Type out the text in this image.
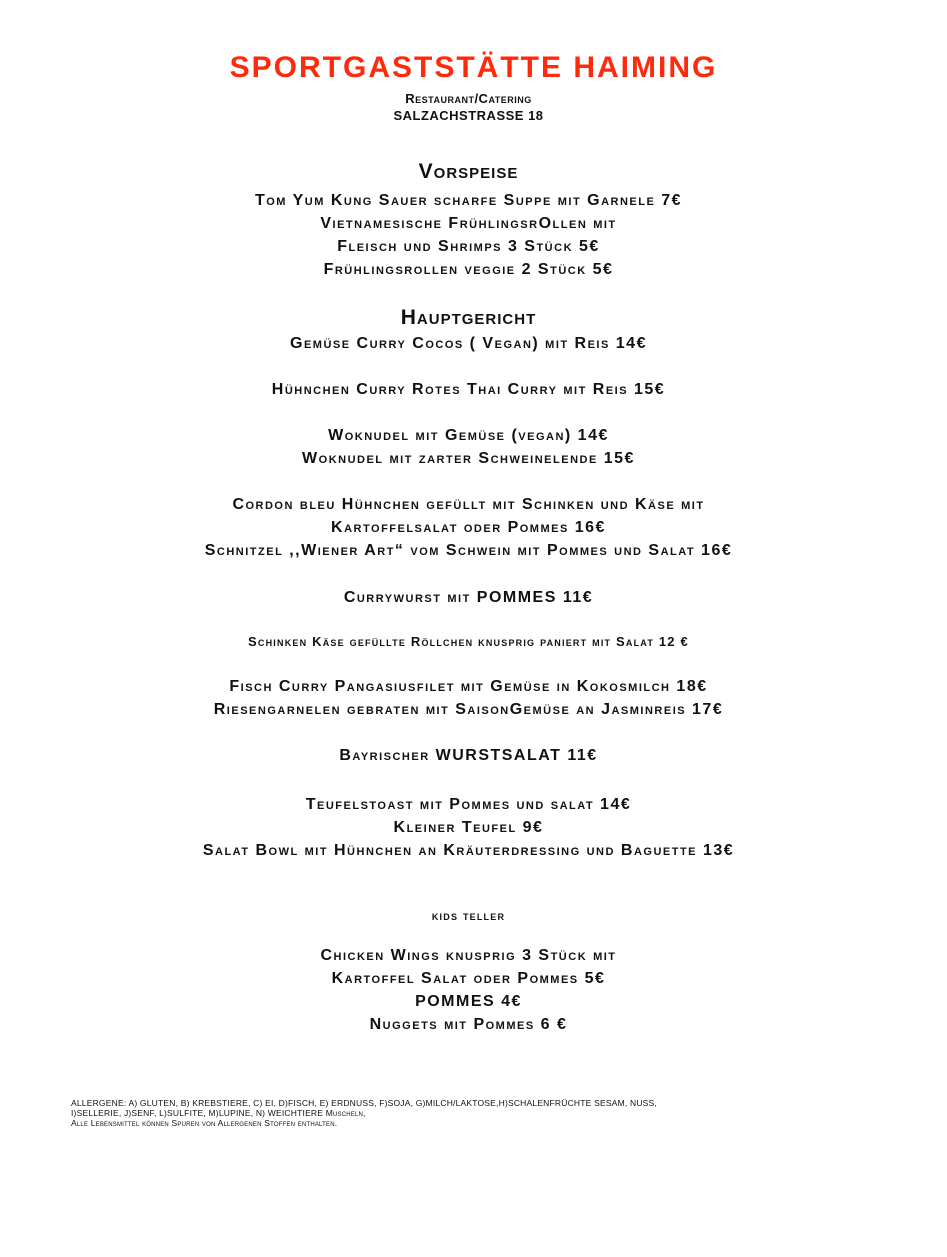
SPORTGASTSTÄTTE HAIMING
Restaurant/Catering
SALZACHSTRASSE 18
Vorspeise
Tom Yum Kung Sauer scharfe Suppe mit Garnele 7€
Vietnamesische FrühlingsrOllen mit
Fleisch und Shrimps 3 Stück 5€
Frühlingsrollen veggie 2 Stück 5€
Hauptgericht
Gemüse Curry Cocos ( Vegan) mit Reis 14€
Hühnchen Curry Rotes Thai Curry mit Reis 15€
Woknudel mit Gemüse (vegan) 14€
Woknudel mit zarter Schweinelende 15€
Cordon bleu Hühnchen gefüllt mit Schinken und Käse mit
Kartoffelsalat oder Pommes 16€
Schnitzel ,,Wiener Art“ vom Schwein mit Pommes und Salat 16€
Currywurst mit POMMES 11€
Schinken Käse gefüllte Röllchen knusprig paniert mit Salat 12 €
Fisch Curry Pangasiusfilet mit Gemüse in Kokosmilch 18€
Riesengarnelen gebraten mit SaisonGemüse an Jasminreis 17€
Bayrischer WURSTSALAT 11€
Teufelstoast mit Pommes und salat 14€
Kleiner Teufel 9€
Salat Bowl mit Hühnchen an Kräuterdressing und Baguette 13€
kids teller
Chicken Wings knusprig 3 Stück mit
Kartoffel Salat oder Pommes 5€
POMMES 4€
Nuggets mit Pommes 6 €
ALLERGENE: A) GLUTEN, B) KREBSTIERE, C) EI, D)FISCH, E) ERDNUSS, F)SOJA, G)MILCH/LAKTOSE,H)SCHALENFRÜCHTE SESAM, NUSS,
I)SELLERIE, J)SENF, L)SULFITE, M)LUPINE, N) WEICHTIERE Muscheln,
Alle Lebensmittel können Spuren von Allergenen Stoffen enthalten.
